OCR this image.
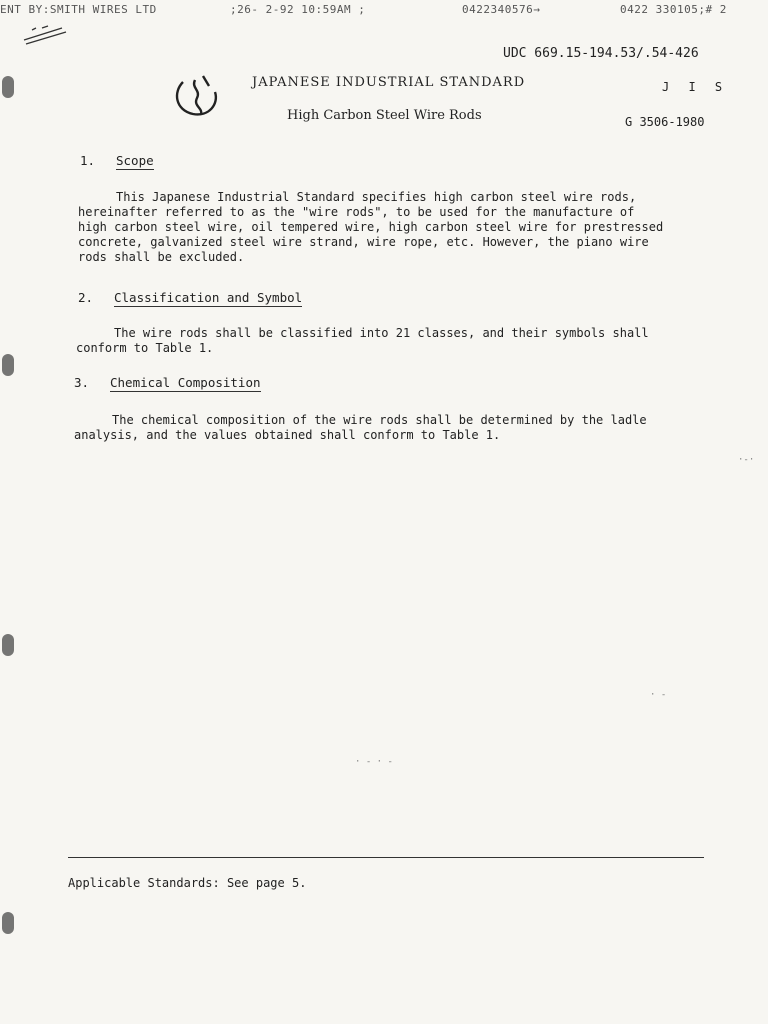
ENT BY:SMITH WIRES LTD	;26- 2-92 10:59AM ;	0422340576→	0422 330105;# 2
UDC 669.15-194.53/.54-426
JAPANESE INDUSTRIAL STANDARD	J I S
High Carbon Steel Wire Rods	G 3506-1980
1. Scope

This Japanese Industrial Standard specifies high carbon steel wire rods,

hereinafter referred to as the "wire rods", to be used for the manufacture of

high carbon steel wire, oil tempered wire, high carbon steel wire for prestressed

concrete, galvanized steel wire strand, wire rope, etc. However, the piano wire

rods shall be excluded.

2. Classification and Symbol

The wire rods shall be classified into 21 classes, and their symbols shall

conform to Table 1.

3. Chemical Composition

The chemical composition of the wire rods shall be determined by the ladle

analysis, and the values obtained shall conform to Table 1.

·-·
· - · -
· -
Applicable Standards: See page 5.
